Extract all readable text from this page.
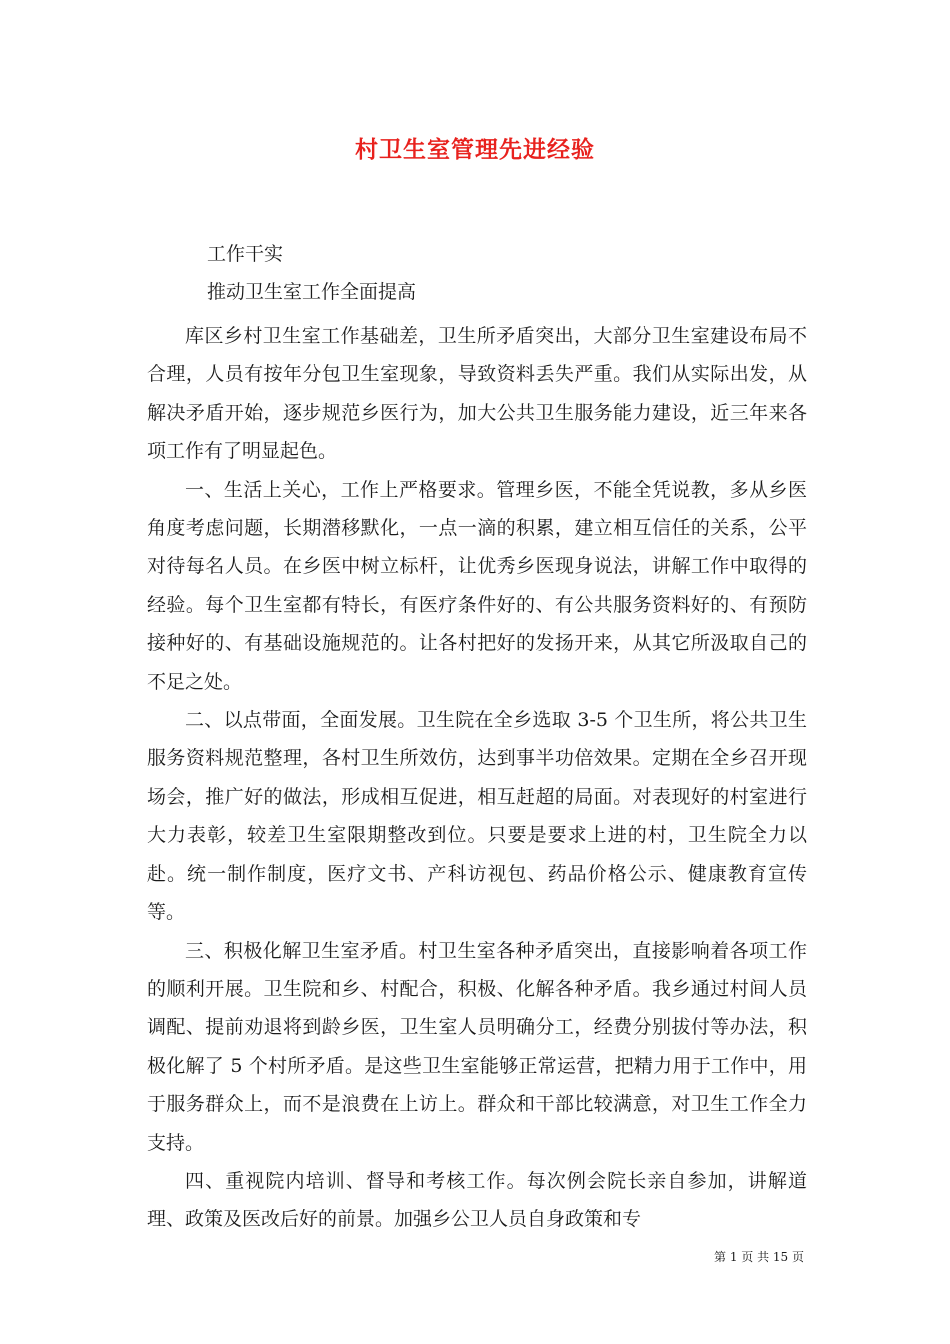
村卫生室管理先进经验
工作干实
推动卫生室工作全面提高

库区乡村卫生室工作基础差，卫生所矛盾突出，大部分卫生室建设布局不合理，人员有按年分包卫生室现象，导致资料丢失严重。我们从实际出发，从解决矛盾开始，逐步规范乡医行为，加大公共卫生服务能力建设，近三年来各项工作有了明显起色。

一、生活上关心，工作上严格要求。管理乡医，不能全凭说教，多从乡医角度考虑问题，长期潜移默化，一点一滴的积累，建立相互信任的关系，公平对待每名人员。在乡医中树立标杆，让优秀乡医现身说法，讲解工作中取得的经验。每个卫生室都有特长，有医疗条件好的、有公共服务资料好的、有预防接种好的、有基础设施规范的。让各村把好的发扬开来，从其它所汲取自己的不足之处。

二、以点带面，全面发展。卫生院在全乡选取 3-5 个卫生所，将公共卫生服务资料规范整理，各村卫生所效仿，达到事半功倍效果。定期在全乡召开现场会，推广好的做法，形成相互促进，相互赶超的局面。对表现好的村室进行大力表彰，较差卫生室限期整改到位。只要是要求上进的村，卫生院全力以赴。统一制作制度，医疗文书、产科访视包、药品价格公示、健康教育宣传等。

三、积极化解卫生室矛盾。村卫生室各种矛盾突出，直接影响着各项工作的顺利开展。卫生院和乡、村配合，积极、化解各种矛盾。我乡通过村间人员调配、提前劝退将到龄乡医，卫生室人员明确分工，经费分别拔付等办法，积极化解了 5 个村所矛盾。是这些卫生室能够正常运营，把精力用于工作中，用于服务群众上，而不是浪费在上访上。群众和干部比较满意，对卫生工作全力支持。

四、重视院内培训、督导和考核工作。每次例会院长亲自参加，讲解道理、政策及医改后好的前景。加强乡公卫人员自身政策和专

第 1 页 共 15 页
